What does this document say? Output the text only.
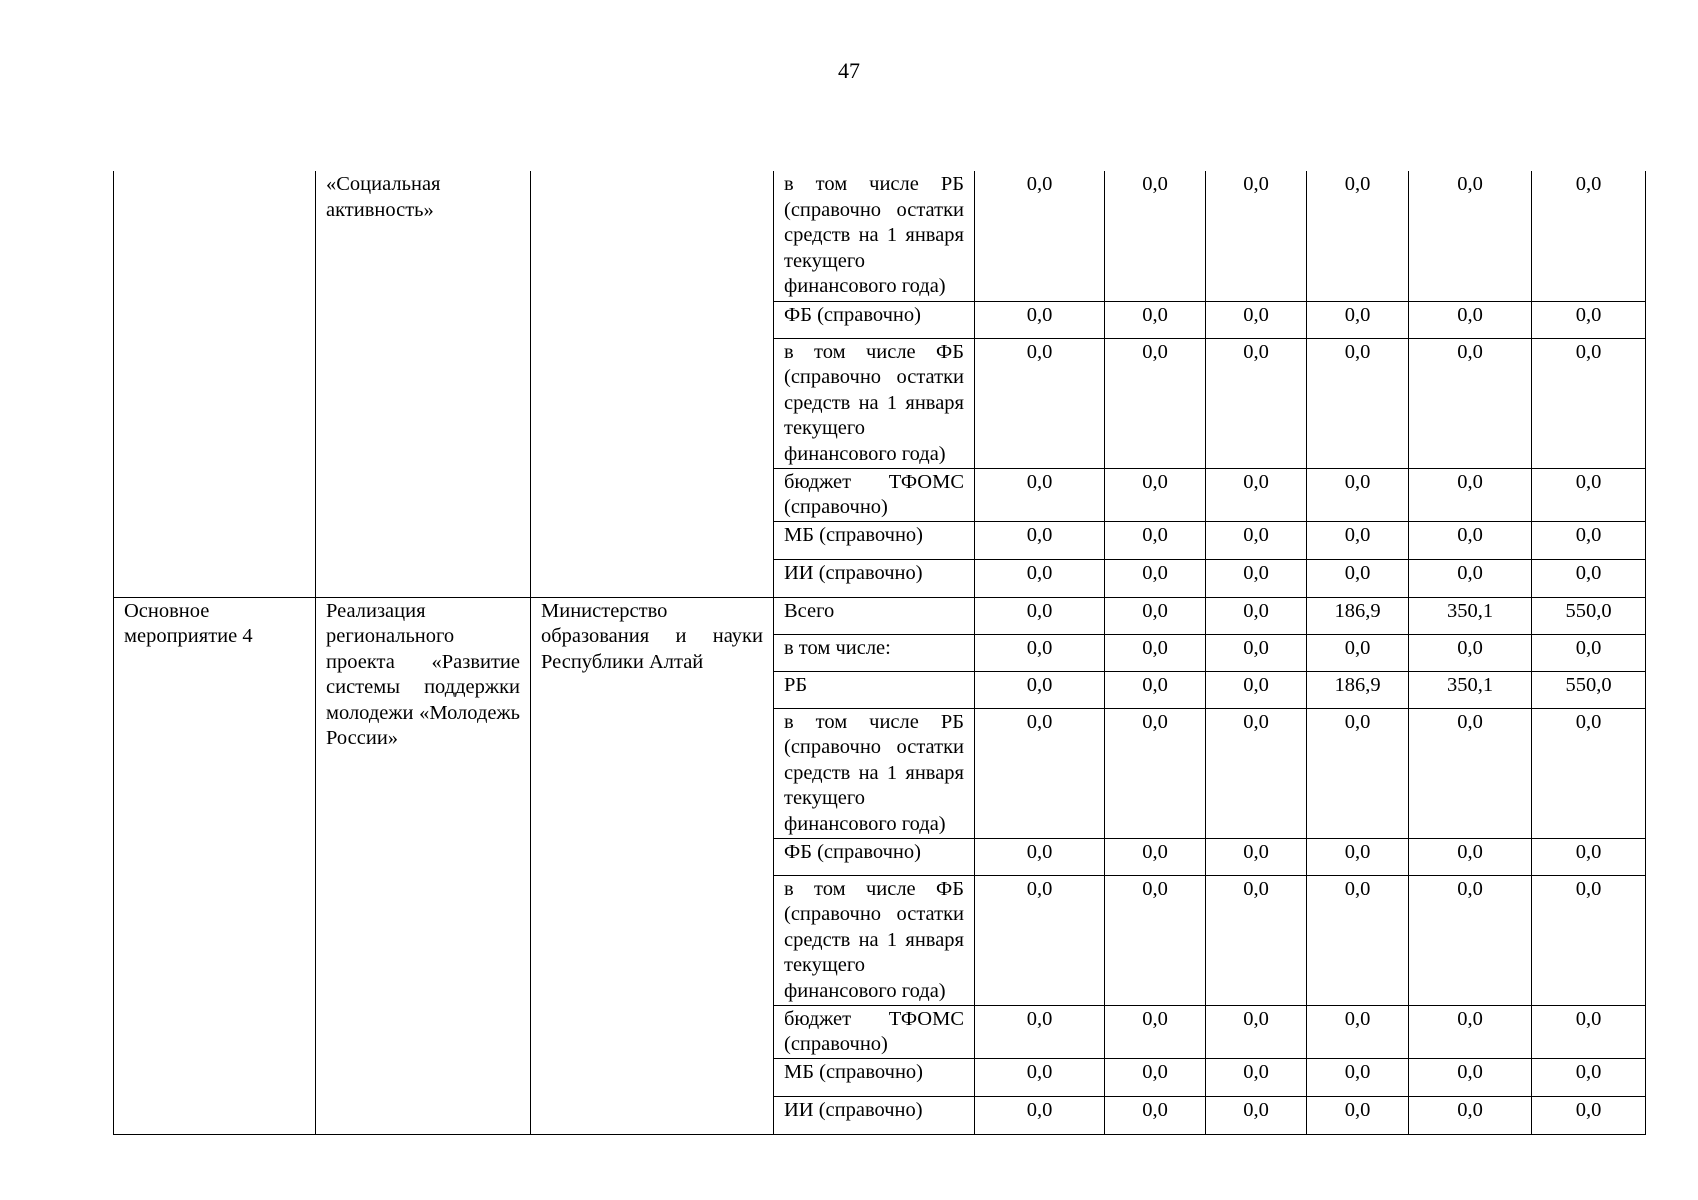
47
	«Социальная активность»		в том числе РБ (справочно остатки средств на 1 января текущего финансового года)	0,0	0,0	0,0	0,0	0,0	0,0
			ФБ (справочно)	0,0	0,0	0,0	0,0	0,0	0,0
			в том числе ФБ (справочно остатки средств на 1 января текущего финансового года)	0,0	0,0	0,0	0,0	0,0	0,0
			бюджет ТФОМС (справочно)	0,0	0,0	0,0	0,0	0,0	0,0
			МБ (справочно)	0,0	0,0	0,0	0,0	0,0	0,0
			ИИ (справочно)	0,0	0,0	0,0	0,0	0,0	0,0
Основное мероприятие 4	Реализация регионального проекта «Развитие системы поддержки молодежи «Молодежь России»	Министерство образования и науки Республики Алтай	Всего	0,0	0,0	0,0	186,9	350,1	550,0
			в том числе:	0,0	0,0	0,0	0,0	0,0	0,0
			РБ	0,0	0,0	0,0	186,9	350,1	550,0
			в том числе РБ (справочно остатки средств на 1 января текущего финансового года)	0,0	0,0	0,0	0,0	0,0	0,0
			ФБ (справочно)	0,0	0,0	0,0	0,0	0,0	0,0
			в том числе ФБ (справочно остатки средств на 1 января текущего финансового года)	0,0	0,0	0,0	0,0	0,0	0,0
			бюджет ТФОМС (справочно)	0,0	0,0	0,0	0,0	0,0	0,0
			МБ (справочно)	0,0	0,0	0,0	0,0	0,0	0,0
			ИИ (справочно)	0,0	0,0	0,0	0,0	0,0	0,0
